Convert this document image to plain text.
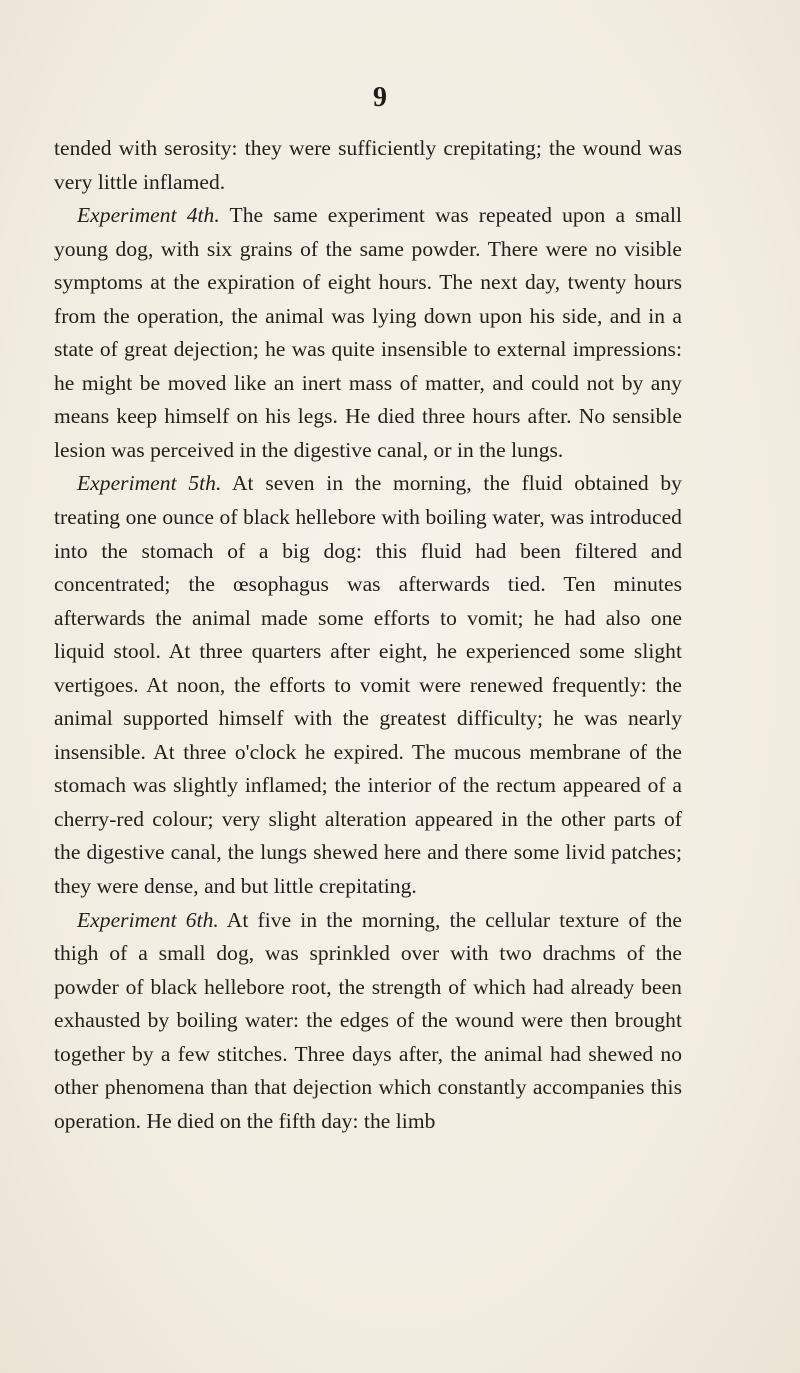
9

tended with serosity: they were sufficiently crepitating; the wound was very little inflamed.

Experiment 4th. The same experiment was repeated upon a small young dog, with six grains of the same powder. There were no visible symptoms at the expiration of eight hours. The next day, twenty hours from the operation, the animal was lying down upon his side, and in a state of great dejection; he was quite insensible to external impressions: he might be moved like an inert mass of matter, and could not by any means keep himself on his legs. He died three hours after. No sensible lesion was perceived in the digestive canal, or in the lungs.

Experiment 5th. At seven in the morning, the fluid obtained by treating one ounce of black hellebore with boiling water, was introduced into the stomach of a big dog: this fluid had been filtered and concentrated; the œsophagus was afterwards tied. Ten minutes afterwards the animal made some efforts to vomit; he had also one liquid stool. At three quarters after eight, he experienced some slight vertigoes. At noon, the efforts to vomit were renewed frequently: the animal supported himself with the greatest difficulty; he was nearly insensible. At three o'clock he expired. The mucous membrane of the stomach was slightly inflamed; the interior of the rectum appeared of a cherry-red colour; very slight alteration appeared in the other parts of the digestive canal, the lungs shewed here and there some livid patches; they were dense, and but little crepitating.

Experiment 6th. At five in the morning, the cellular texture of the thigh of a small dog, was sprinkled over with two drachms of the powder of black hellebore root, the strength of which had already been exhausted by boiling water: the edges of the wound were then brought together by a few stitches. Three days after, the animal had shewed no other phenomena than that dejection which constantly accompanies this operation. He died on the fifth day: the limb
